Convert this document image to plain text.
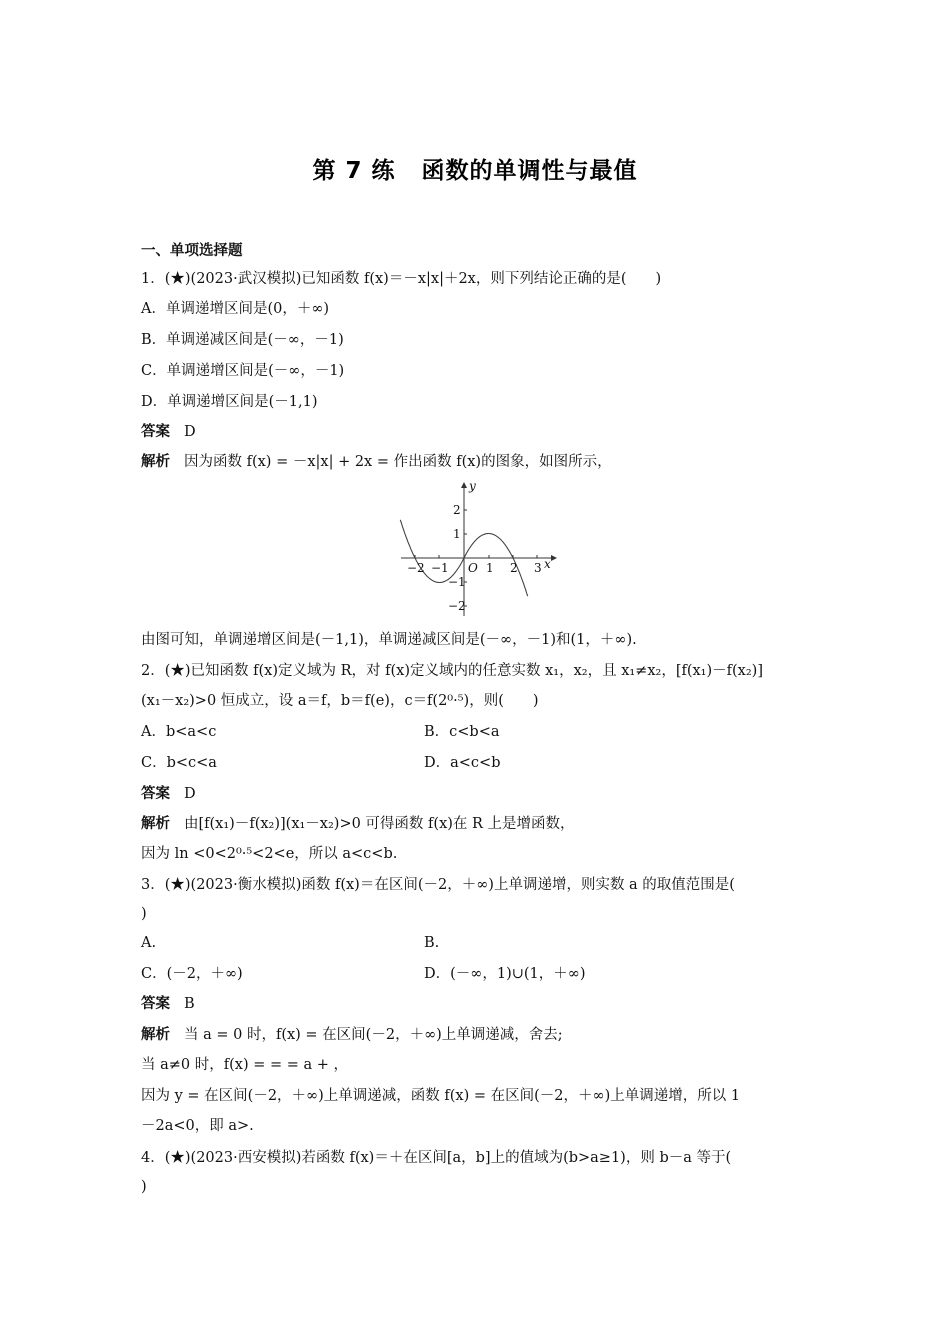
第 7 练 函数的单调性与最值
一、单项选择题
1．(★)(2023·武汉模拟)已知函数 f(x)＝－x|x|＋2x，则下列结论正确的是(　　)
A．单调递增区间是(0，＋∞)
B．单调递减区间是(－∞，－1)
C．单调递增区间是(－∞，－1)
D．单调递增区间是(－1,1)
答案 D
解析 因为函数 f(x) = －x|x| + 2x = 作出函数 f(x)的图象，如图所示，
−2 −1 O 1 2 3 x
2
1
−1
−2
y
由图可知，单调递增区间是(－1,1)，单调递减区间是(－∞，－1)和(1，＋∞).
2．(★)已知函数 f(x)定义域为 R，对 f(x)定义域内的任意实数 x₁，x₂，且 x₁≠x₂，[f(x₁)－f(x₂)]
(x₁－x₂)>0 恒成立，设 a＝f，b＝f(e)，c＝f(2⁰·⁵)，则(　　)
A．b<a<c	B．c<b<a
C．b<c<a	D．a<c<b
答案 D
解析 由[f(x₁)－f(x₂)](x₁－x₂)>0 可得函数 f(x)在 R 上是增函数，
因为 ln <0<2⁰·⁵<2<e，所以 a<c<b.
3．(★)(2023·衡水模拟)函数 f(x)＝在区间(－2，＋∞)上单调递增，则实数 a 的取值范围是(
)
A.	B.
C．(－2，＋∞)	D．(－∞，1)∪(1，＋∞)
答案 B
解析 当 a = 0 时，f(x) = 在区间(－2，＋∞)上单调递减，舍去;
当 a≠0 时，f(x) = = = a + ，
因为 y = 在区间(－2，＋∞)上单调递减，函数 f(x) = 在区间(－2，＋∞)上单调递增，所以 1
－2a<0，即 a>.
4．(★)(2023·西安模拟)若函数 f(x)＝＋在区间[a，b]上的值域为(b>a≥1)，则 b－a 等于(
)
